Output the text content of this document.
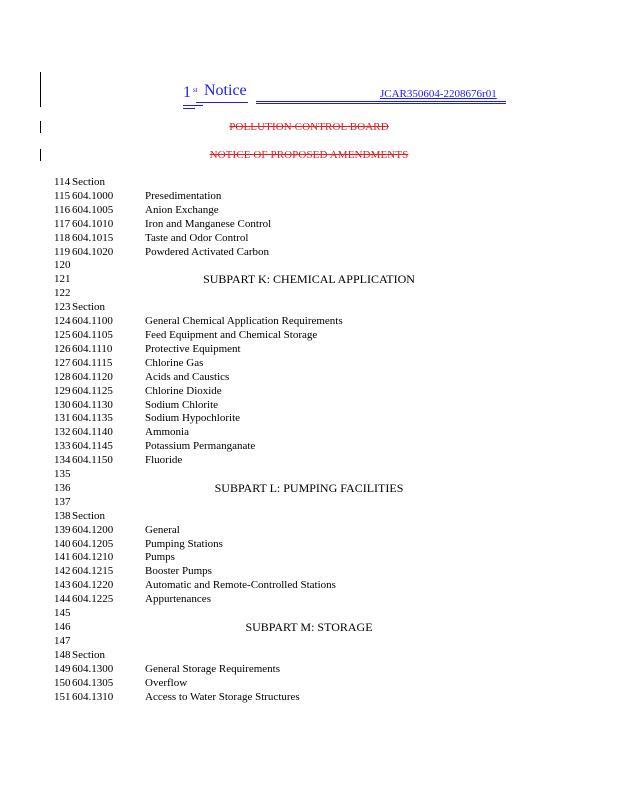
1 st Notice	JCAR350604-2208676r01
POLLUTION CONTROL BOARD
NOTICE OF PROPOSED AMENDMENTS
114 Section
115 604.1000	Presedimentation
116 604.1005	Anion Exchange
117 604.1010	Iron and Manganese Control
118 604.1015	Taste and Odor Control
119 604.1020	Powdered Activated Carbon
120
121	SUBPART K: CHEMICAL APPLICATION
122
123 Section
124 604.1100	General Chemical Application Requirements
125 604.1105	Feed Equipment and Chemical Storage
126 604.1110	Protective Equipment
127 604.1115	Chlorine Gas
128 604.1120	Acids and Caustics
129 604.1125	Chlorine Dioxide
130 604.1130	Sodium Chlorite
131 604.1135	Sodium Hypochlorite
132 604.1140	Ammonia
133 604.1145	Potassium Permanganate
134 604.1150	Fluoride
135
136	SUBPART L: PUMPING FACILITIES
137
138 Section
139 604.1200	General
140 604.1205	Pumping Stations
141 604.1210	Pumps
142 604.1215	Booster Pumps
143 604.1220	Automatic and Remote-Controlled Stations
144 604.1225	Appurtenances
145
146	SUBPART M: STORAGE
147
148 Section
149 604.1300	General Storage Requirements
150 604.1305	Overflow
151 604.1310	Access to Water Storage Structures
